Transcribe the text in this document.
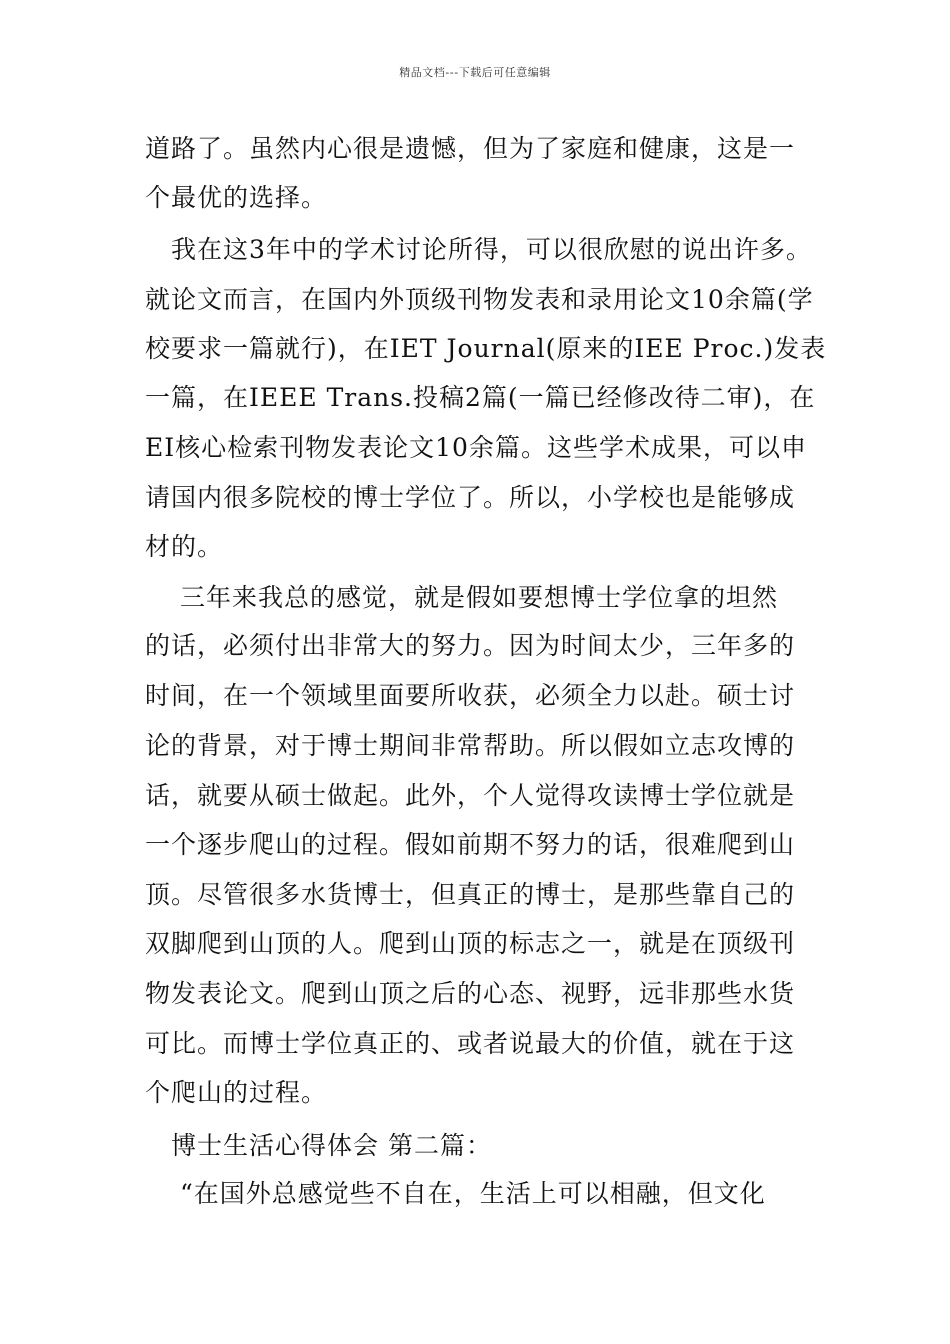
精品文档---下载后可任意编辑
道路了。虽然内心很是遗憾，但为了家庭和健康，这是一
个最优的选择。
　我在这3年中的学术讨论所得，可以很欣慰的说出许多。
就论文而言，在国内外顶级刊物发表和录用论文10余篇(学
校要求一篇就行)，在IET Journal(原来的IEE Proc.)发表
一篇，在IEEE Trans.投稿2篇(一篇已经修改待二审)，在
EI核心检索刊物发表论文10余篇。这些学术成果，可以申
请国内很多院校的博士学位了。所以，小学校也是能够成
材的。
　 三年来我总的感觉，就是假如要想博士学位拿的坦然
的话，必须付出非常大的努力。因为时间太少，三年多的
时间，在一个领域里面要所收获，必须全力以赴。硕士讨
论的背景，对于博士期间非常帮助。所以假如立志攻博的
话，就要从硕士做起。此外，个人觉得攻读博士学位就是
一个逐步爬山的过程。假如前期不努力的话，很难爬到山
顶。尽管很多水货博士，但真正的博士，是那些靠自己的
双脚爬到山顶的人。爬到山顶的标志之一，就是在顶级刊
物发表论文。爬到山顶之后的心态、视野，远非那些水货
可比。而博士学位真正的、或者说最大的价值，就在于这
个爬山的过程。
　博士生活心得体会 第二篇：
　 “在国外总感觉些不自在，生活上可以相融，但文化
